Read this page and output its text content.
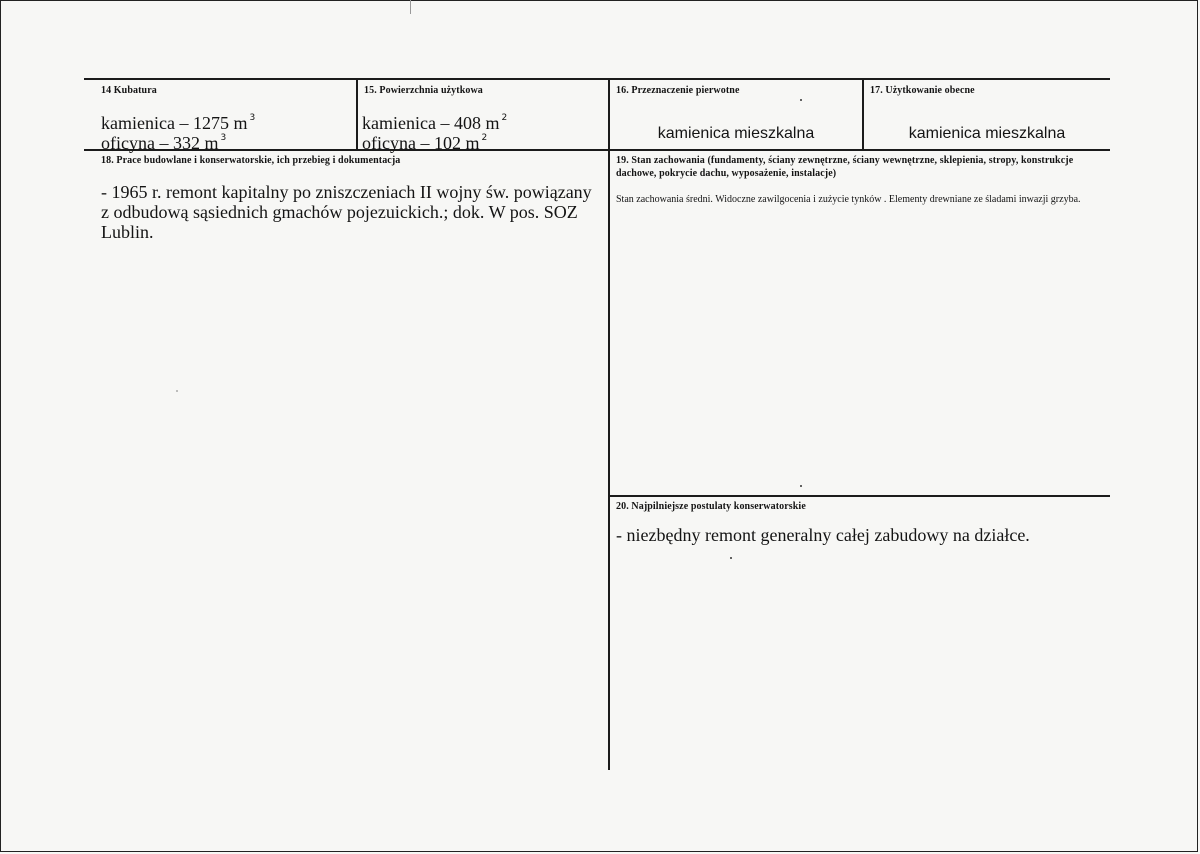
14 Kubatura
kamienica – 1275 m $^3$
oficyna – 332 m $^3$
15. Powierzchnia użytkowa
kamienica – 408 m $^2$
oficyna – 102 m $^2$
16. Przeznaczenie pierwotne
kamienica mieszkalna
17. Użytkowanie obecne
kamienica mieszkalna
18. Prace budowlane i konserwatorskie, ich przebieg i dokumentacja
- 1965 r. remont kapitalny po zniszczeniach II wojny św. powiązany z odbudową sąsiednich gmachów pojezuickich.; dok. W pos. SOZ Lublin.
19. Stan zachowania (fundamenty, ściany zewnętrzne, ściany wewnętrzne, sklepienia, stropy, konstrukcje dachowe, pokrycie dachu, wyposażenie, instalacje)
Stan zachowania średni. Widoczne zawilgocenia i zużycie tynków . Elementy drewniane ze śladami inwazji grzyba.
20. Najpilniejsze postulaty konserwatorskie
- niezbędny remont generalny całej zabudowy na działce.
